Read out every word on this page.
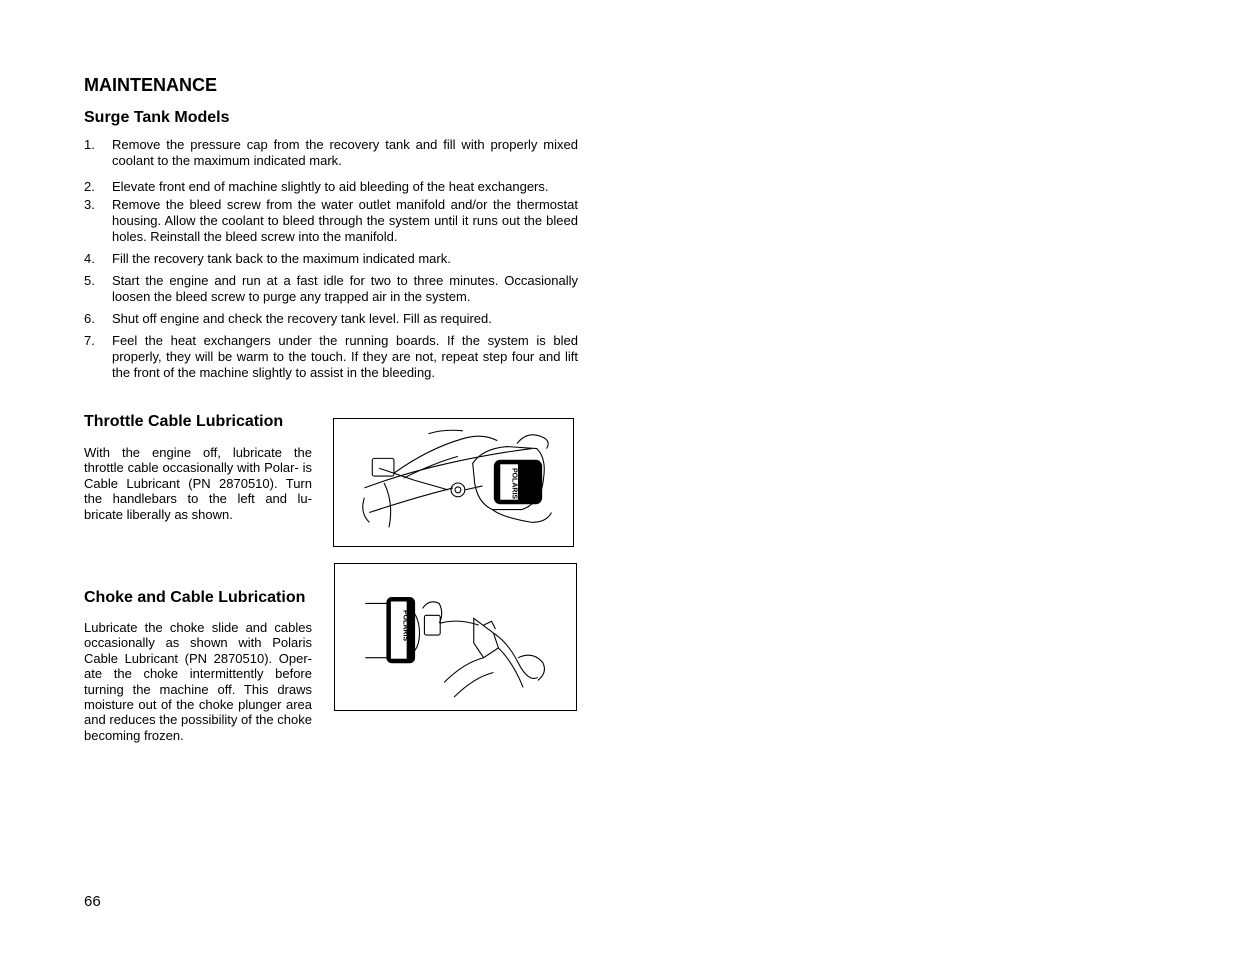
MAINTENANCE
Surge Tank Models
1.	Remove the pressure cap from the recovery tank and fill with properly mixed coolant to the maximum indicated mark.
2.	Elevate front end of machine slightly to aid bleeding of the heat exchangers.
3.	Remove the bleed screw from the water outlet manifold and/or the thermostat housing. Allow the coolant to bleed through the system until it runs out the bleed holes. Reinstall the bleed screw into the manifold.
4.	Fill the recovery tank back to the maximum indicated mark.
5.	Start the engine and run at a fast idle for two to three minutes. Occasionally loosen the bleed screw to purge any trapped air in the system.
6.	Shut off engine and check the recovery tank level. Fill as required.
7.	Feel the heat exchangers under the running boards. If the system is bled properly, they will be warm to the touch. If they are not, repeat step four and lift the front of the machine slightly to assist in the bleeding.
Throttle Cable Lubrication
With the engine off, lubricate the throttle cable occasionally with Polar- is Cable Lubricant (PN 2870510). Turn the handlebars to the left and lu- bricate liberally as shown.
POLARIS
Choke and Cable Lubrication
Lubricate the choke slide and cables occasionally as shown with Polaris Cable Lubricant (PN 2870510). Oper- ate the choke intermittently before turning the machine off. This draws moisture out of the choke plunger area and reduces the possibility of the choke becoming frozen.
POLARIS
66
